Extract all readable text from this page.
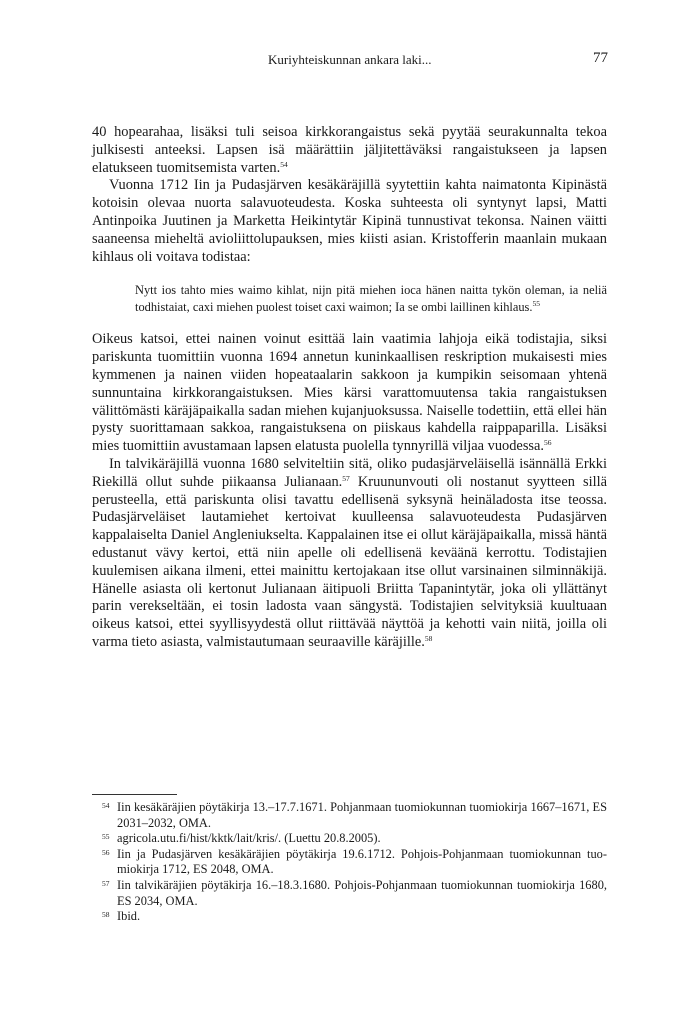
Kuriyhteiskunnan ankara laki...	77

40 hopearahaa, lisäksi tuli seisoa kirkkorangaistus sekä pyytää seurakunnalta tekoa julkisesti anteeksi. Lapsen isä määrättiin jäljitettäväksi rangaistukseen ja lapsen elatukseen tuomitsemista varten.$^{54}$

Vuonna 1712 Iin ja Pudasjärven kesäkäräjillä syytettiin kahta naimatonta Kipinästä kotoisin olevaa nuorta salavuoteudesta. Koska suhteesta oli syntynyt lapsi, Matti Antinpoika Juutinen ja Marketta Heikintytär Kipinä tunnustivat tekonsa. Nainen väitti saaneensa mieheltä avioliittolupauksen, mies kiisti asian. Kristofferin maanlain mukaan kihlaus oli voitava todistaa:

Nytt ios tahto mies waimo kihlat, nijn pitä miehen ioca hänen naitta tykön oleman, ia neliä todhistaiat, caxi miehen puolest toiset caxi waimon; Ia se ombi laillinen kihlaus.$^{55}$

Oikeus katsoi, ettei nainen voinut esittää lain vaatimia lahjoja eikä todistajia, siksi pariskunta tuomittiin vuonna 1694 annetun kuninkaallisen reskription mukaisesti mies kymmenen ja nainen viiden hopeataalarin sakkoon ja kumpikin seisomaan yhtenä sunnuntaina kirkkorangaistuksen. Mies kärsi varattomuutensa takia rangaistuksen välittömästi käräjäpaikalla sadan miehen kujanjuoksussa. Naiselle todettiin, että ellei hän pysty suorittamaan sakkoa, rangaistuksena on piiskaus kahdella raippaparilla. Lisäksi mies tuomittiin avustamaan lapsen elatusta puolella tynnyrillä viljaa vuodessa.$^{56}$

In talvikäräjillä vuonna 1680 selviteltiin sitä, oliko pudasjärveläisellä isännällä Erkki Riekillä ollut suhde piikaansa Julianaan.$^{57}$ Kruununvouti oli nostanut syytteen sillä perusteella, että pariskunta olisi tavattu edellisenä syksynä heinäladosta itse teossa. Pudasjärveläiset lautamiehet kertoivat kuulleensa salavuoteudesta Pudasjärven kappalaiselta Daniel Angleniukselta. Kappalainen itse ei ollut käräjäpaikalla, missä häntä edustanut vävy kertoi, että niin apelle oli edellisenä keväänä kerrottu. Todistajien kuulemisen aikana ilmeni, ettei mainittu kertojakaan itse ollut varsinainen silminnäkijä. Hänelle asiasta oli kertonut Julianaan äitipuoli Briitta Tapanintytär, joka oli yllättänyt parin verekseltään, ei tosin ladosta vaan sängystä. Todistajien selvityksiä kuultuaan oikeus katsoi, ettei syyllisyydestä ollut riittävää näyttöä ja kehotti vain niitä, joilla oli varma tieto asiasta, valmistautumaan seuraaville käräjille.$^{58}$

54 Iin kesäkäräjien pöytäkirja 13.–17.7.1671. Pohjanmaan tuomiokunnan tuomiokirja 1667–1671, ES 2031–2032, OMA.
55 agricola.utu.fi/hist/kktk/lait/kris/. (Luettu 20.8.2005).
56 Iin ja Pudasjärven kesäkäräjien pöytäkirja 19.6.1712. Pohjois-Pohjanmaan tuomiokunnan tuomiokirja 1712, ES 2048, OMA.
57 Iin talvikäräjien pöytäkirja 16.–18.3.1680. Pohjois-Pohjanmaan tuomiokunnan tuomiokirja 1680, ES 2034, OMA.
58 Ibid.
